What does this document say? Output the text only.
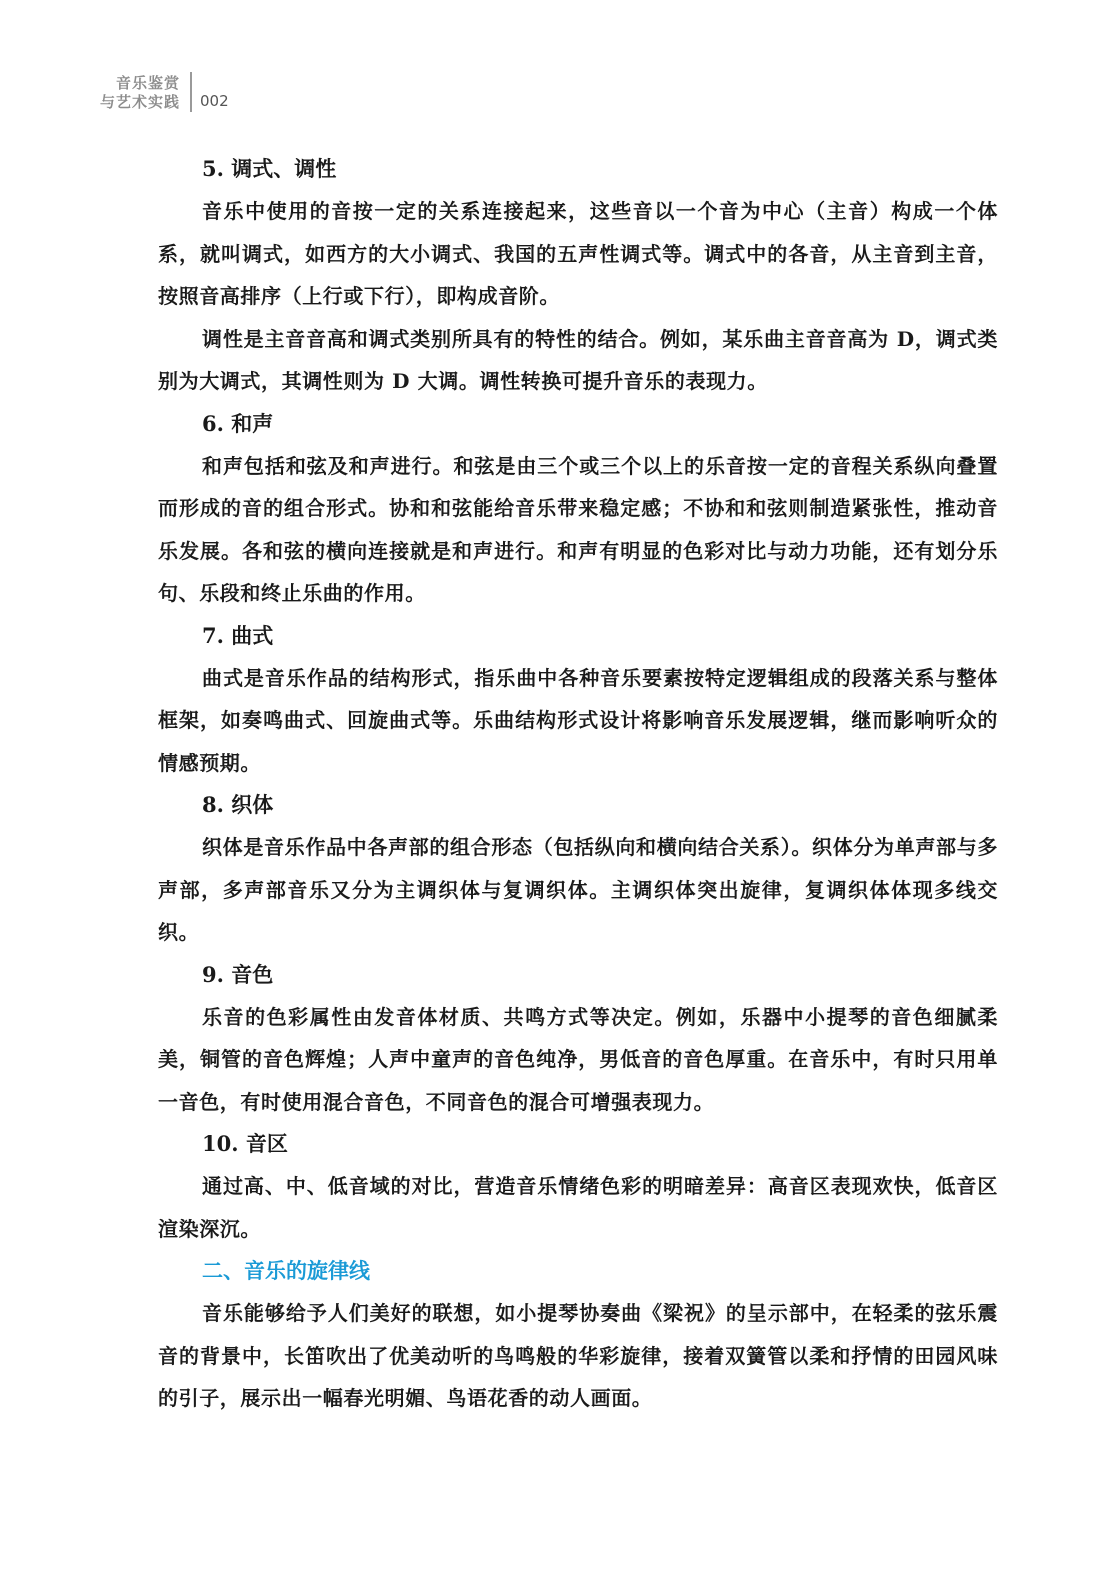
音乐鉴赏
与艺术实践 002

5. 调式、调性

音乐中使用的音按一定的关系连接起来，这些音以一个音为中心（主音）构成一个体系，就叫调式，如西方的大小调式、我国的五声性调式等。调式中的各音，从主音到主音，按照音高排序（上行或下行），即构成音阶。

调性是主音音高和调式类别所具有的特性的结合。例如，某乐曲主音音高为 D，调式类别为大调式，其调性则为 D 大调。调性转换可提升音乐的表现力。

6. 和声

和声包括和弦及和声进行。和弦是由三个或三个以上的乐音按一定的音程关系纵向叠置而形成的音的组合形式。协和和弦能给音乐带来稳定感；不协和和弦则制造紧张性，推动音乐发展。各和弦的横向连接就是和声进行。和声有明显的色彩对比与动力功能，还有划分乐句、乐段和终止乐曲的作用。

7. 曲式

曲式是音乐作品的结构形式，指乐曲中各种音乐要素按特定逻辑组成的段落关系与整体框架，如奏鸣曲式、回旋曲式等。乐曲结构形式设计将影响音乐发展逻辑，继而影响听众的情感预期。

8. 织体

织体是音乐作品中各声部的组合形态（包括纵向和横向结合关系）。织体分为单声部与多声部，多声部音乐又分为主调织体与复调织体。主调织体突出旋律，复调织体体现多线交织。

9. 音色

乐音的色彩属性由发音体材质、共鸣方式等决定。例如，乐器中小提琴的音色细腻柔美，铜管的音色辉煌；人声中童声的音色纯净，男低音的音色厚重。在音乐中，有时只用单一音色，有时使用混合音色，不同音色的混合可增强表现力。

10. 音区

通过高、中、低音域的对比，营造音乐情绪色彩的明暗差异：高音区表现欢快，低音区渲染深沉。

二、音乐的旋律线

音乐能够给予人们美好的联想，如小提琴协奏曲《梁祝》的呈示部中，在轻柔的弦乐震音的背景中，长笛吹出了优美动听的鸟鸣般的华彩旋律，接着双簧管以柔和抒情的田园风味的引子，展示出一幅春光明媚、鸟语花香的动人画面。
